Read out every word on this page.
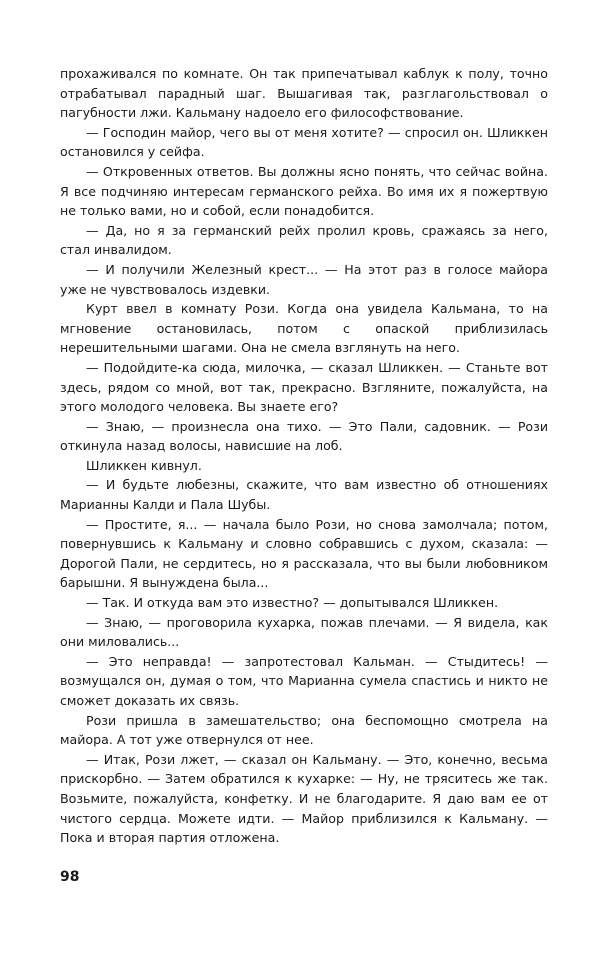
прохаживался по комнате. Он так припечатывал каблук к полу, точно отрабатывал парадный шаг. Вышагивая так, разглагольствовал о пагубности лжи. Кальману надоело его философствование.

— Господин майор, чего вы от меня хотите? — спросил он. Шликкен остановился у сейфа.

— Откровенных ответов. Вы должны ясно понять, что сейчас война. Я все подчиняю интересам германского рейха. Во имя их я пожертвую не только вами, но и собой, если понадобится.

— Да, но я за германский рейх пролил кровь, сражаясь за него, стал инвалидом.

— И получили Железный крест... — На этот раз в голосе майора уже не чувствовалось издевки.

Курт ввел в комнату Рози. Когда она увидела Кальмана, то на мгновение остановилась, потом с опаской приблизилась нерешительными шагами. Она не смела взглянуть на него.

— Подойдите-ка сюда, милочка, — сказал Шликкен. — Станьте вот здесь, рядом со мной, вот так, прекрасно. Взгляните, пожалуйста, на этого молодого человека. Вы знаете его?

— Знаю, — произнесла она тихо. — Это Пали, садовник. — Рози откинула назад волосы, нависшие на лоб.

Шликкен кивнул.

— И будьте любезны, скажите, что вам известно об отношениях Марианны Калди и Пала Шубы.

— Простите, я... — начала было Рози, но снова замолчала; потом, повернувшись к Кальману и словно собравшись с духом, сказала: — Дорогой Пали, не сердитесь, но я рассказала, что вы были любовником барышни. Я вынуждена была...

— Так. И откуда вам это известно? — допытывался Шликкен.

— Знаю, — проговорила кухарка, пожав плечами. — Я видела, как они миловались...

— Это неправда! — запротестовал Кальман. — Стыдитесь! — возмущался он, думая о том, что Марианна сумела спастись и никто не сможет доказать их связь.

Рози пришла в замешательство; она беспомощно смотрела на майора. А тот уже отвернулся от нее.

— Итак, Рози лжет, — сказал он Кальману. — Это, конечно, весьма прискорбно. — Затем обратился к кухарке: — Ну, не тряситесь же так. Возьмите, пожалуйста, конфетку. И не благодарите. Я даю вам ее от чистого сердца. Можете идти. — Майор приблизился к Кальману. — Пока и вторая партия отложена.

98
